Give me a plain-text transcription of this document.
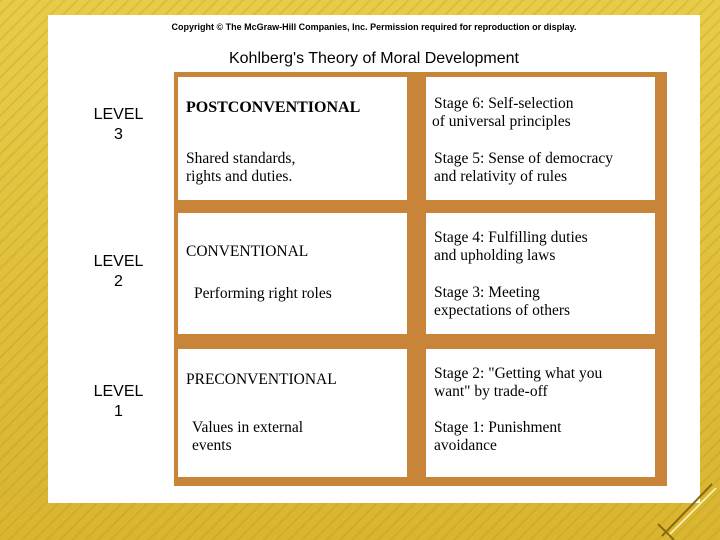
Copyright © The McGraw-Hill Companies, Inc. Permission required for reproduction or display.
Kohlberg's Theory of Moral Development
LEVEL
3
LEVEL
2
LEVEL
1
POSTCONVENTIONAL
Shared standards,
rights and duties.
Stage 6: Self-selection
of universal principles
Stage 5: Sense of democracy
and relativity of rules
CONVENTIONAL
Performing right roles
Stage 4: Fulfilling duties
and upholding laws
Stage 3: Meeting
expectations of others
PRECONVENTIONAL
Values in external
events
Stage 2: "Getting what you
want" by trade-off
Stage 1: Punishment
avoidance
